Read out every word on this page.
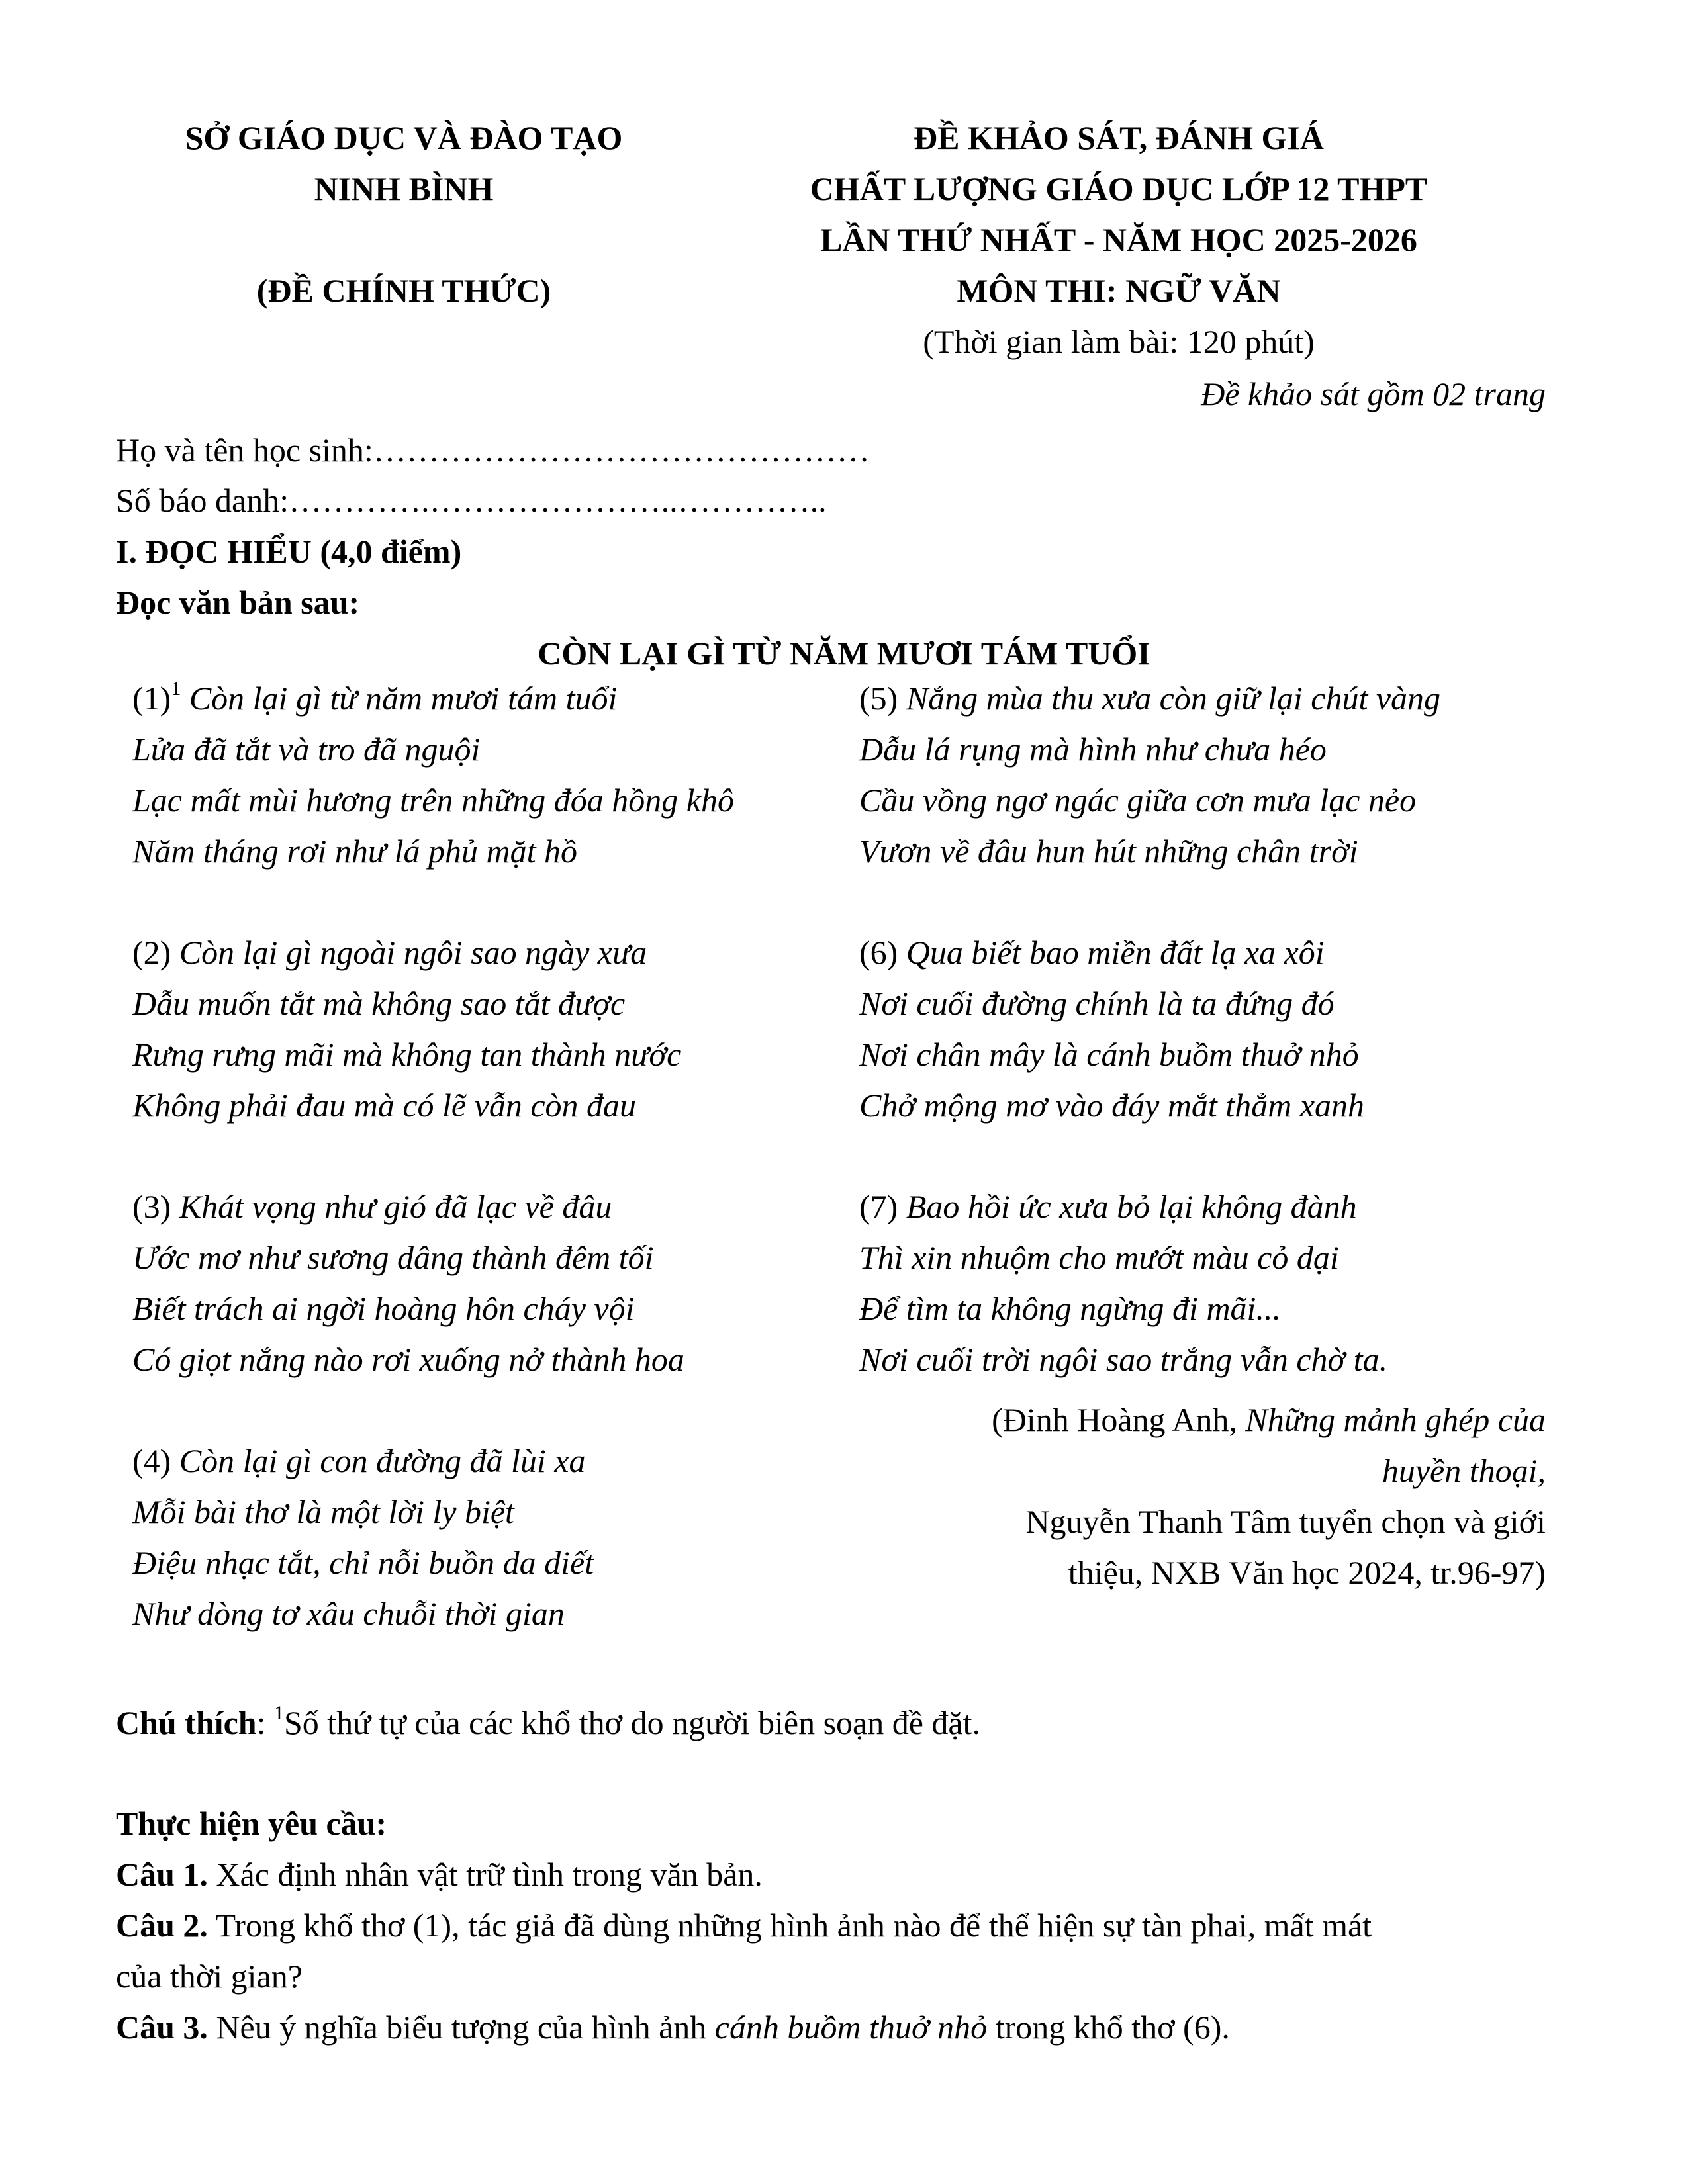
SỞ GIÁO DỤC VÀ ĐÀO TẠO
NINH BÌNH
(ĐỀ CHÍNH THỨC)
ĐỀ KHẢO SÁT, ĐÁNH GIÁ
CHẤT LƯỢNG GIÁO DỤC LỚP 12 THPT
LẦN THỨ NHẤT - NĂM HỌC 2025-2026
MÔN THI: NGỮ VĂN
(Thời gian làm bài: 120 phút)
Đề khảo sát gồm 02 trang
Họ và tên học sinh:………………………………………
Số báo danh:………….…………………..…………..
I. ĐỌC HIỂU (4,0 điểm)
Đọc văn bản sau:
CÒN LẠI GÌ TỪ NĂM MƯƠI TÁM TUỔI
$(1)^1$ Còn lại gì từ năm mươi tám tuổi
Lửa đã tắt và tro đã nguội
Lạc mất mùi hương trên những đóa hồng khô
Năm tháng rơi như lá phủ mặt hồ
(2) Còn lại gì ngoài ngôi sao ngày xưa
Dẫu muốn tắt mà không sao tắt được
Rưng rưng mãi mà không tan thành nước
Không phải đau mà có lẽ vẫn còn đau
(3) Khát vọng như gió đã lạc về đâu
Ước mơ như sương dâng thành đêm tối
Biết trách ai ngời hoàng hôn cháy vội
Có giọt nắng nào rơi xuống nở thành hoa
(4) Còn lại gì con đường đã lùi xa
Mỗi bài thơ là một lời ly biệt
Điệu nhạc tắt, chỉ nỗi buồn da diết
Như dòng tơ xâu chuỗi thời gian
(5) Nắng mùa thu xưa còn giữ lại chút vàng
Dẫu lá rụng mà hình như chưa héo
Cầu vồng ngơ ngác giữa cơn mưa lạc nẻo
Vươn về đâu hun hút những chân trời
(6) Qua biết bao miền đất lạ xa xôi
Nơi cuối đường chính là ta đứng đó
Nơi chân mây là cánh buồm thuở nhỏ
Chở mộng mơ vào đáy mắt thẳm xanh
(7) Bao hồi ức xưa bỏ lại không đành
Thì xin nhuộm cho mướt màu cỏ dại
Để tìm ta không ngừng đi mãi...
Nơi cuối trời ngôi sao trắng vẫn chờ ta.
(Đinh Hoàng Anh, Những mảnh ghép của
huyền thoại,
Nguyễn Thanh Tâm tuyển chọn và giới
thiệu, NXB Văn học 2024, tr.96-97)
Chú thích: $^1$Số thứ tự của các khổ thơ do người biên soạn đề đặt.
Thực hiện yêu cầu:
Câu 1. Xác định nhân vật trữ tình trong văn bản.
Câu 2. Trong khổ thơ (1), tác giả đã dùng những hình ảnh nào để thể hiện sự tàn phai, mất mát
của thời gian?
Câu 3. Nêu ý nghĩa biểu tượng của hình ảnh cánh buồm thuở nhỏ trong khổ thơ (6).
